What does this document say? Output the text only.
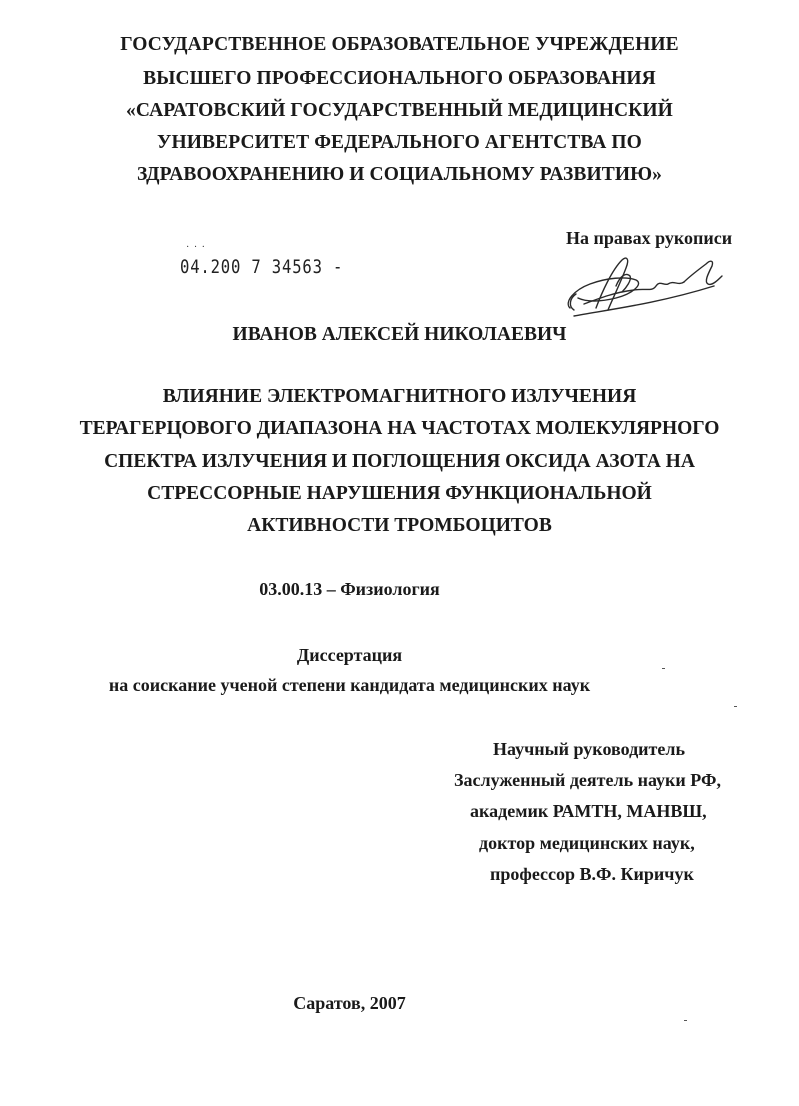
ГОСУДАРСТВЕННОЕ ОБРАЗОВАТЕЛЬНОЕ УЧРЕЖДЕНИЕ
ВЫСШЕГО ПРОФЕССИОНАЛЬНОГО ОБРАЗОВАНИЯ
«САРАТОВСКИЙ ГОСУДАРСТВЕННЫЙ МЕДИЦИНСКИЙ
УНИВЕРСИТЕТ ФЕДЕРАЛЬНОГО АГЕНТСТВА ПО
ЗДРАВООХРАНЕНИЮ И СОЦИАЛЬНОМУ РАЗВИТИЮ»
На правах рукописи
· · ·
04.200 7 34563 -
ИВАНОВ АЛЕКСЕЙ НИКОЛАЕВИЧ
ВЛИЯНИЕ ЭЛЕКТРОМАГНИТНОГО ИЗЛУЧЕНИЯ
ТЕРАГЕРЦОВОГО ДИАПАЗОНА НА ЧАСТОТАХ МОЛЕКУЛЯРНОГО
СПЕКТРА ИЗЛУЧЕНИЯ И ПОГЛОЩЕНИЯ ОКСИДА АЗОТА НА
СТРЕССОРНЫЕ НАРУШЕНИЯ ФУНКЦИОНАЛЬНОЙ
АКТИВНОСТИ ТРОМБОЦИТОВ
03.00.13 – Физиология
Диссертация
на соискание ученой степени кандидата медицинских наук
Научный руководитель
Заслуженный деятель науки РФ,
академик РАМТН, МАНВШ,
доктор медицинских наук,
профессор В.Ф. Киричук
Саратов, 2007
